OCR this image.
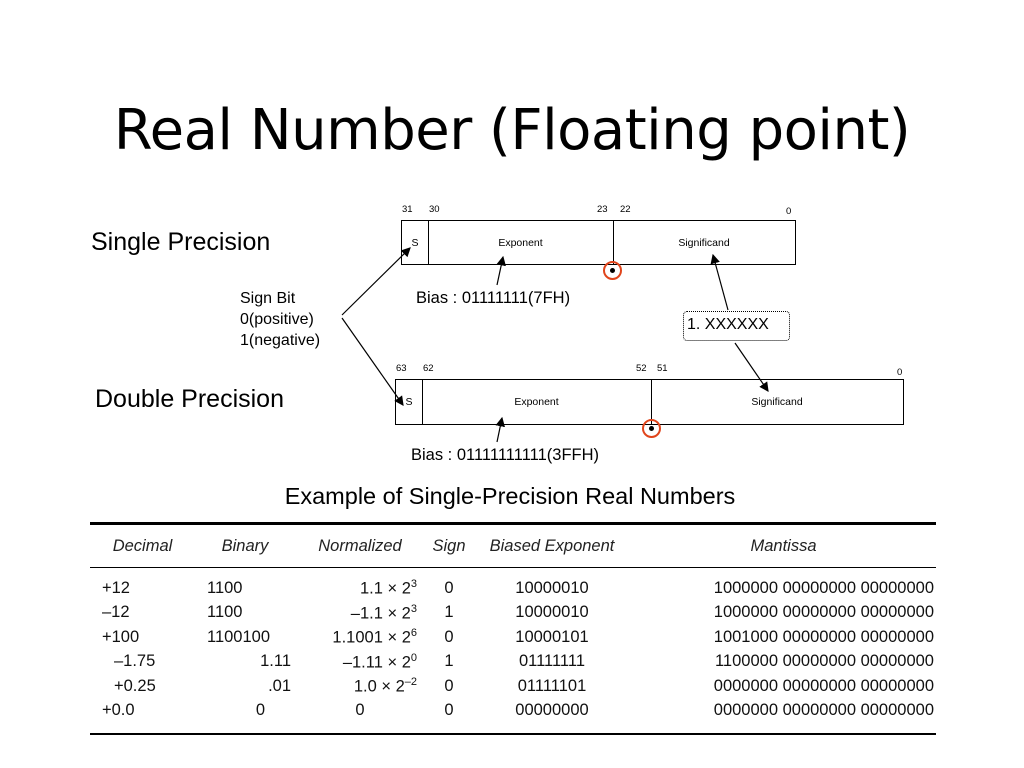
Real Number (Floating point)
Single Precision
Double Precision
Sign Bit
0(positive)
1(negative)
31 30	23 22	0
S	Exponent	Significand
Bias : 01111111(7FH)
1. XXXXXX
63 62	52 51	0
S	Exponent	Significand
Bias : 01111111111(3FFH)
Example of Single-Precision Real Numbers
Decimal	Binary	Normalized	Sign	Biased Exponent	Mantissa
+12	1100	$1.1 \times 2^3$	0	10000010	1000000 00000000 00000000
–12	1100	$-1.1 \times 2^3$	1	10000010	1000000 00000000 00000000
+100	1100100	$1.1001 \times 2^6$	0	10000101	1001000 00000000 00000000
–1.75	1.11	$-1.11 \times 2^0$	1	01111111	1100000 00000000 00000000
+0.25	.01	$1.0 \times 2^{-2}$	0	01111101	0000000 00000000 00000000
+0.0	0	0	0	00000000	0000000 00000000 00000000
